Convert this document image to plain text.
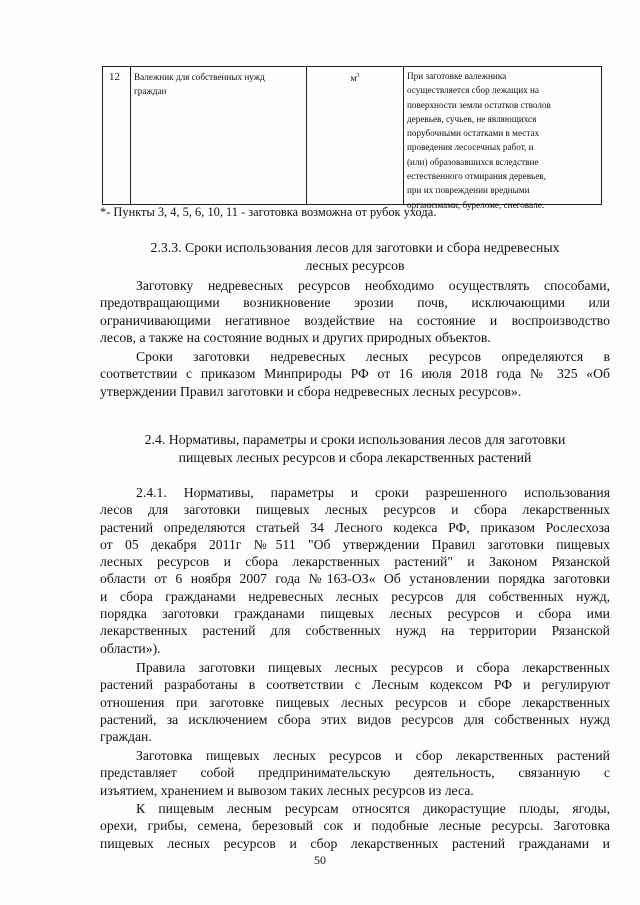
12	Валежник для собственных нужд
граждан
$м^3$	При заготовке валежника
осуществляется сбор лежащих на
поверхности земли остатков стволов
деревьев, сучьев, не являющихся
порубочными остатками в местах
проведения лесосечных работ, и
(или) образовавшихся вследствие
естественного отмирания деревьев,
при их повреждении вредными
организмами, буреломе, снеговале.
*- Пункты 3, 4, 5, 6, 10, 11 - заготовка возможна от рубок ухода.
2.3.3. Сроки использования лесов для заготовки и сбора недревесных
лесных ресурсов
Заготовку недревесных ресурсов необходимо осуществлять способами,
предотвращающими возникновение эрозии почв, исключающими или
ограничивающими негативное воздействие на состояние и воспроизводство
лесов, а также на состояние водных и других природных объектов.
Сроки заготовки недревесных лесных ресурсов определяются в
соответствии с приказом Минприроды РФ от 16 июля 2018 года № 325 «Об
утверждении Правил заготовки и сбора недревесных лесных ресурсов».
2.4. Нормативы, параметры и сроки использования лесов для заготовки
пищевых лесных ресурсов и сбора лекарственных растений
2.4.1. Нормативы, параметры и сроки разрешенного использования
лесов для заготовки пищевых лесных ресурсов и сбора лекарственных
растений определяются статьей 34 Лесного кодекса РФ, приказом Рослесхоза
от 05 декабря 2011г №511 "Об утверждении Правил заготовки пищевых
лесных ресурсов и сбора лекарственных растений" и Законом Рязанской
области от 6 ноября 2007 года №163-ОЗ« Об установлении порядка заготовки
и сбора гражданами недревесных лесных ресурсов для собственных нужд,
порядка заготовки гражданами пищевых лесных ресурсов и сбора ими
лекарственных растений для собственных нужд на территории Рязанской
области»).
Правила заготовки пищевых лесных ресурсов и сбора лекарственных
растений разработаны в соответствии с Лесным кодексом РФ и регулируют
отношения при заготовке пищевых лесных ресурсов и сборе лекарственных
растений, за исключением сбора этих видов ресурсов для собственных нужд
граждан.
Заготовка пищевых лесных ресурсов и сбор лекарственных растений
представляет собой предпринимательскую деятельность, связанную с
изъятием, хранением и вывозом таких лесных ресурсов из леса.
К пищевым лесным ресурсам относятся дикорастущие плоды, ягоды,
орехи, грибы, семена, березовый сок и подобные лесные ресурсы. Заготовка
пищевых лесных ресурсов и сбор лекарственных растений гражданами и
50
